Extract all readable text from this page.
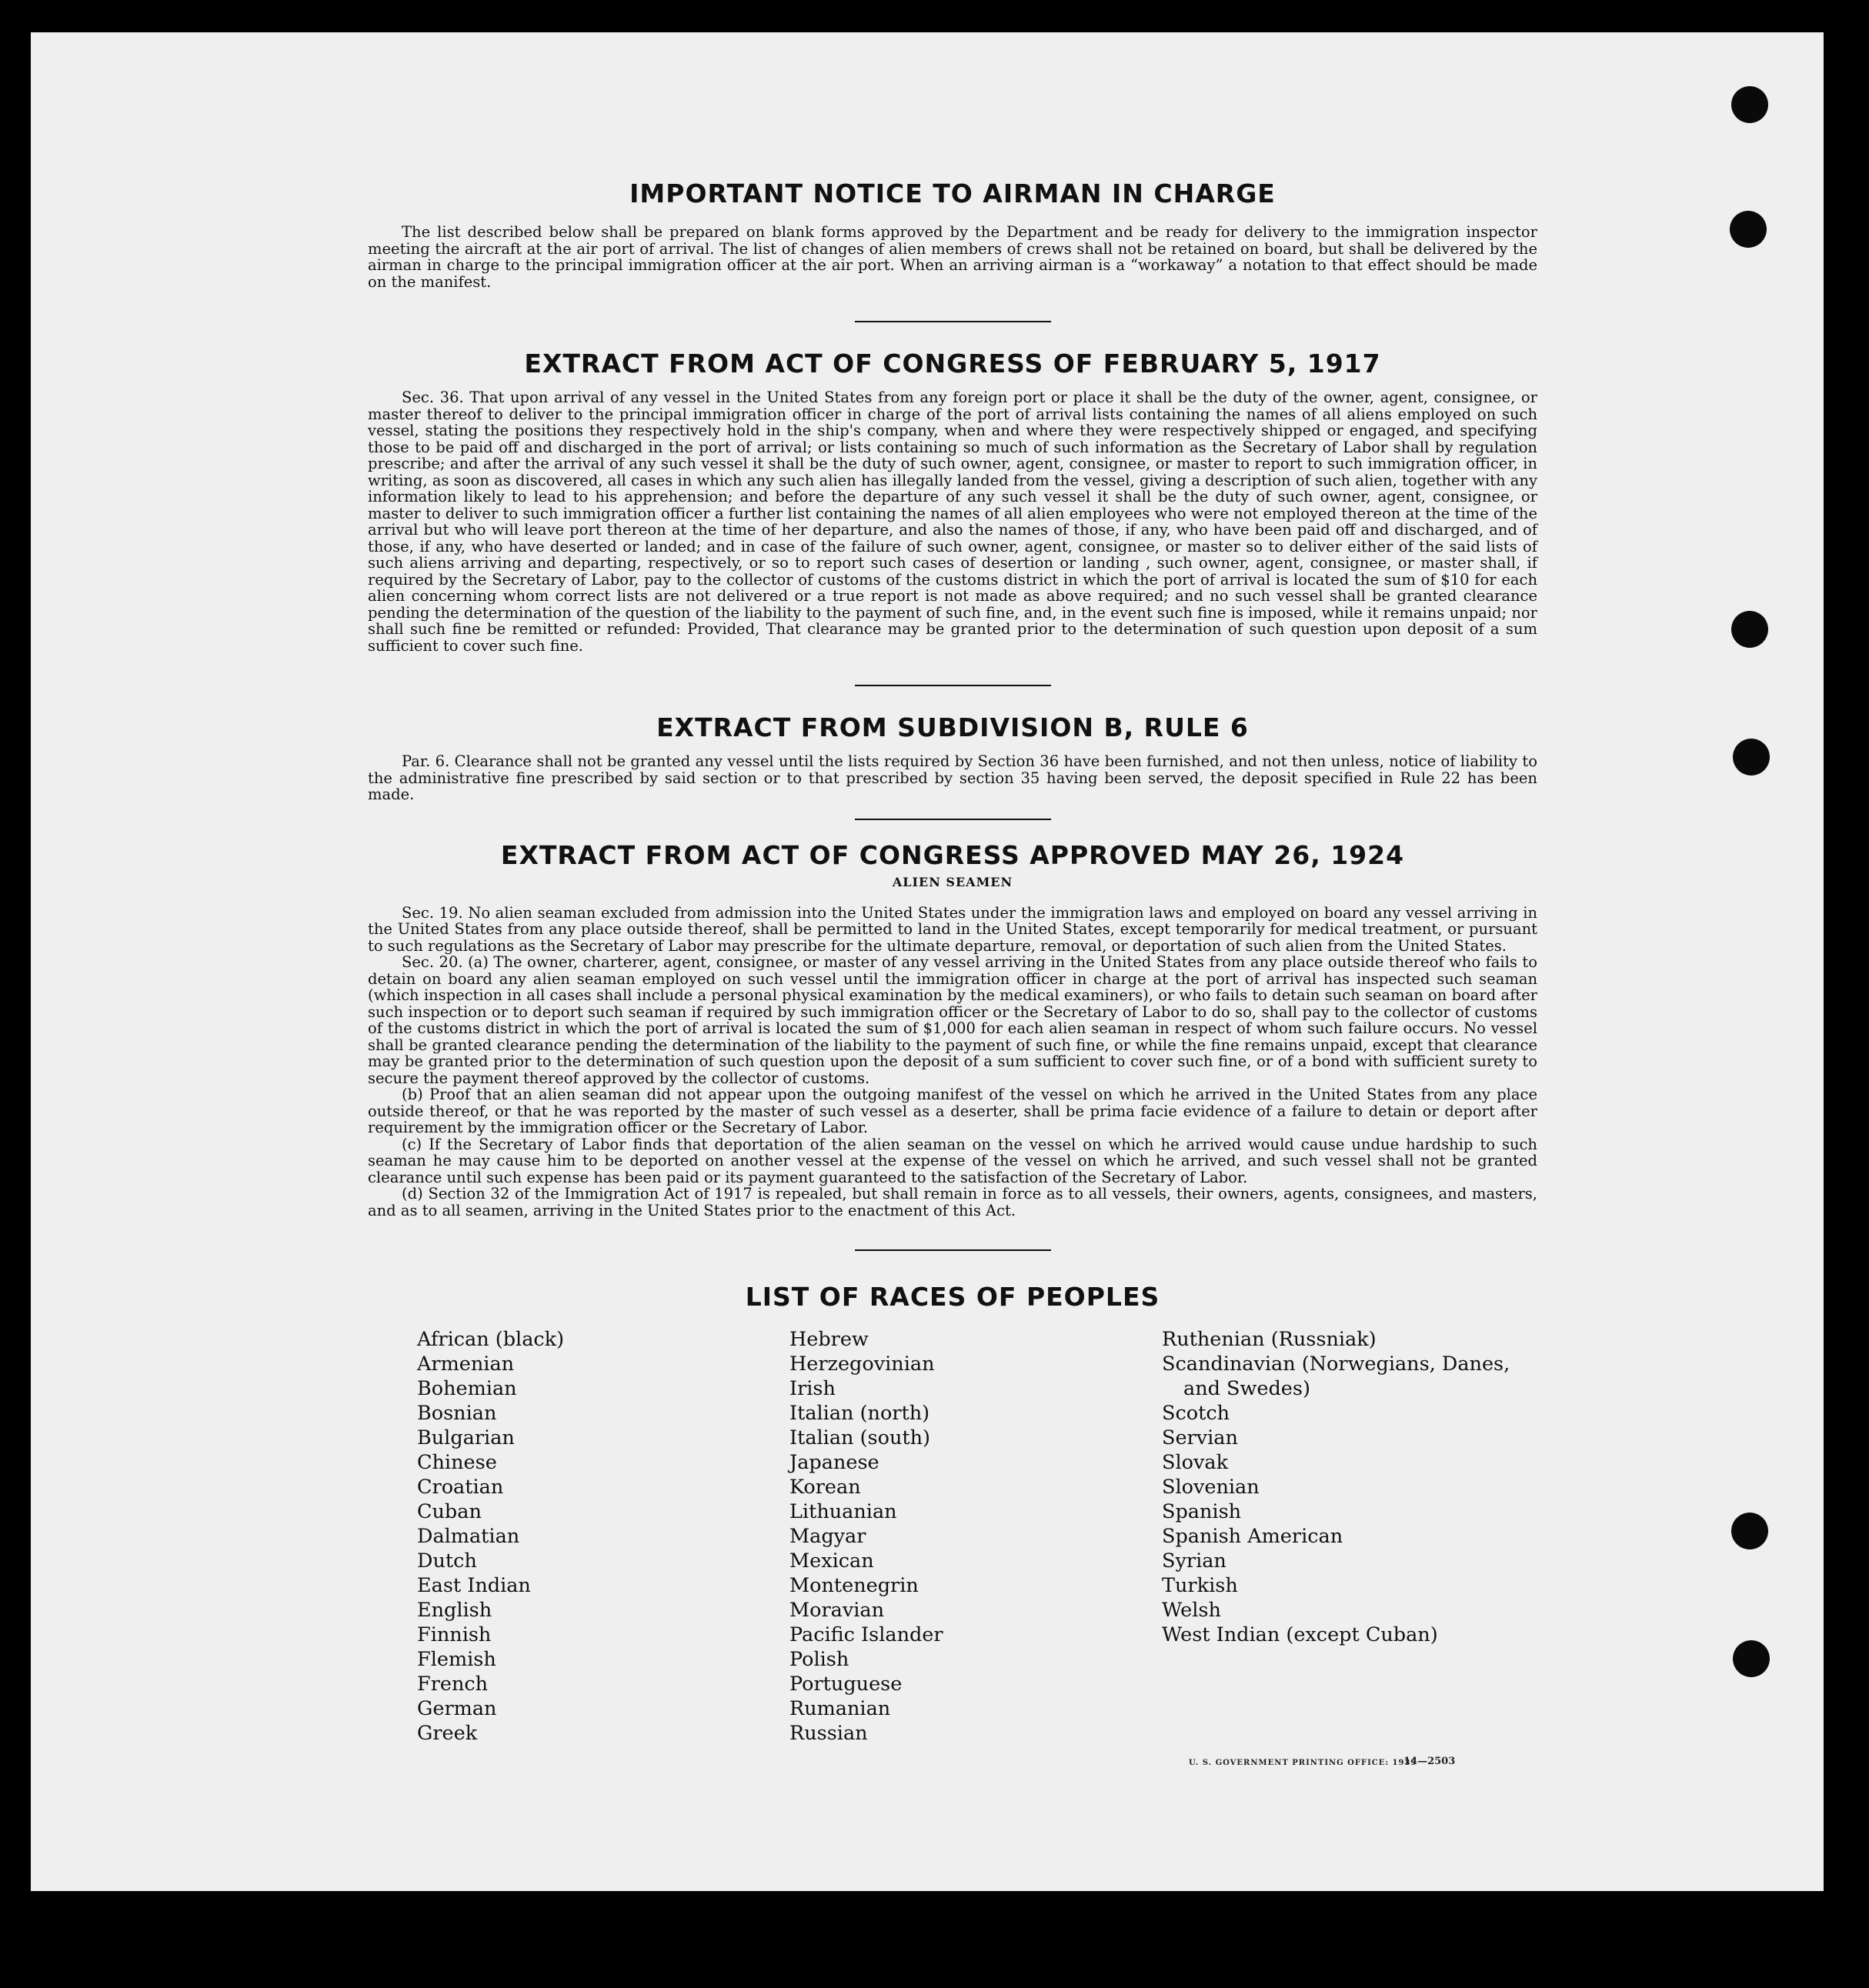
IMPORTANT NOTICE TO AIRMAN IN CHARGE

The list described below shall be prepared on blank forms approved by the Department and be ready for delivery to the immigration inspector meeting the aircraft at the air port of arrival. The list of changes of alien members of crews shall not be retained on board, but shall be delivered by the airman in charge to the principal immigration officer at the air port. When an arriving airman is a “workaway” a notation to that effect should be made on the manifest.

EXTRACT FROM ACT OF CONGRESS OF FEBRUARY 5, 1917

Sec. 36. That upon arrival of any vessel in the United States from any foreign port or place it shall be the duty of the owner, agent, consignee, or master thereof to deliver to the principal immigration officer in charge of the port of arrival lists containing the names of all aliens employed on such vessel, stating the positions they respectively hold in the ship's company, when and where they were respectively shipped or engaged, and specifying those to be paid off and discharged in the port of arrival; or lists containing so much of such information as the Secretary of Labor shall by regulation prescribe; and after the arrival of any such vessel it shall be the duty of such owner, agent, consignee, or master to report to such immigration officer, in writing, as soon as discovered, all cases in which any such alien has illegally landed from the vessel, giving a description of such alien, together with any information likely to lead to his apprehension; and before the departure of any such vessel it shall be the duty of such owner, agent, consignee, or master to deliver to such immigration officer a further list containing the names of all alien employees who were not employed thereon at the time of the arrival but who will leave port thereon at the time of her departure, and also the names of those, if any, who have been paid off and discharged, and of those, if any, who have deserted or landed; and in case of the failure of such owner, agent, consignee, or master so to deliver either of the said lists of such aliens arriving and departing, respectively, or so to report such cases of desertion or landing , such owner, agent, consignee, or master shall, if required by the Secretary of Labor, pay to the collector of customs of the customs district in which the port of arrival is located the sum of $10 for each alien concerning whom correct lists are not delivered or a true report is not made as above required; and no such vessel shall be granted clearance pending the determination of the question of the liability to the payment of such fine, and, in the event such fine is imposed, while it remains unpaid; nor shall such fine be remitted or refunded: Provided, That clearance may be granted prior to the determination of such question upon deposit of a sum sufficient to cover such fine.

EXTRACT FROM SUBDIVISION B, RULE 6

Par. 6. Clearance shall not be granted any vessel until the lists required by Section 36 have been furnished, and not then unless, notice of liability to the administrative fine prescribed by said section or to that prescribed by section 35 having been served, the deposit specified in Rule 22 has been made.

EXTRACT FROM ACT OF CONGRESS APPROVED MAY 26, 1924
ALIEN SEAMEN

Sec. 19. No alien seaman excluded from admission into the United States under the immigration laws and employed on board any vessel arriving in the United States from any place outside thereof, shall be permitted to land in the United States, except temporarily for medical treatment, or pursuant to such regulations as the Secretary of Labor may prescribe for the ultimate departure, removal, or deportation of such alien from the United States.

Sec. 20. (a) The owner, charterer, agent, consignee, or master of any vessel arriving in the United States from any place outside thereof who fails to detain on board any alien seaman employed on such vessel until the immigration officer in charge at the port of arrival has inspected such seaman (which inspection in all cases shall include a personal physical examination by the medical examiners), or who fails to detain such seaman on board after such inspection or to deport such seaman if required by such immigration officer or the Secretary of Labor to do so, shall pay to the collector of customs of the customs district in which the port of arrival is located the sum of $1,000 for each alien seaman in respect of whom such failure occurs. No vessel shall be granted clearance pending the determination of the liability to the payment of such fine, or while the fine remains unpaid, except that clearance may be granted prior to the determination of such question upon the deposit of a sum sufficient to cover such fine, or of a bond with sufficient surety to secure the payment thereof approved by the collector of customs.

(b) Proof that an alien seaman did not appear upon the outgoing manifest of the vessel on which he arrived in the United States from any place outside thereof, or that he was reported by the master of such vessel as a deserter, shall be prima facie evidence of a failure to detain or deport after requirement by the immigration officer or the Secretary of Labor.

(c) If the Secretary of Labor finds that deportation of the alien seaman on the vessel on which he arrived would cause undue hardship to such seaman he may cause him to be deported on another vessel at the expense of the vessel on which he arrived, and such vessel shall not be granted clearance until such expense has been paid or its payment guaranteed to the satisfaction of the Secretary of Labor.

(d) Section 32 of the Immigration Act of 1917 is repealed, but shall remain in force as to all vessels, their owners, agents, consignees, and masters, and as to all seamen, arriving in the United States prior to the enactment of this Act.

LIST OF RACES OF PEOPLES
African (black)
Armenian
Bohemian
Bosnian
Bulgarian
Chinese
Croatian
Cuban
Dalmatian
Dutch
East Indian
English
Finnish
Flemish
French
German
Greek
Hebrew
Herzegovinian
Irish
Italian (north)
Italian (south)
Japanese
Korean
Lithuanian
Magyar
Mexican
Montenegrin
Moravian
Pacific Islander
Polish
Portuguese
Rumanian
Russian
Ruthenian (Russniak)
Scandinavian (Norwegians, Danes, and Swedes)
Scotch
Servian
Slovak
Slovenian
Spanish
Spanish American
Syrian
Turkish
Welsh
West Indian (except Cuban)
U. S. GOVERNMENT PRINTING OFFICE: 1939
14—2503
